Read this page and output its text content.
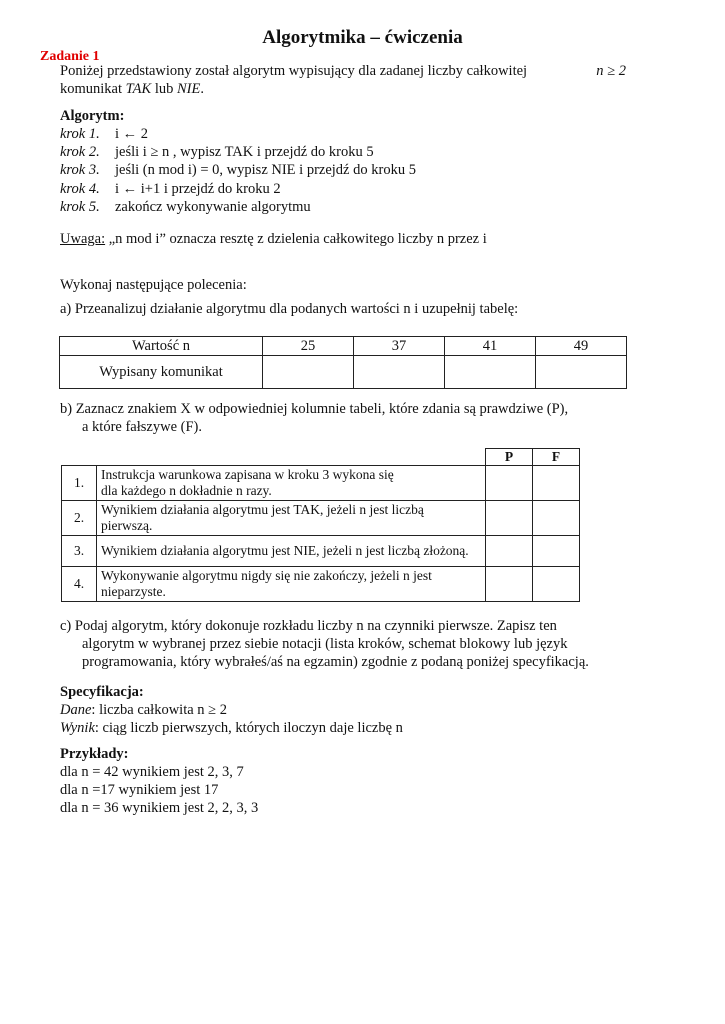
Algorytmika – ćwiczenia
Zadanie 1

Poniżej przedstawiony został algorytm wypisujący dla zadanej liczby całkowitej	n ≥ 2

komunikat TAK lub NIE.

Algorytm:
krok 1.	i ← 2
krok 2.	jeśli i ≥ n , wypisz TAK i przejdź do kroku 5
krok 3.	jeśli (n mod i) = 0, wypisz NIE i przejdź do kroku 5
krok 4.	i ← i+1 i przejdź do kroku 2
krok 5.	zakończ wykonywanie algorytmu
Uwaga: „n mod i” oznacza resztę z dzielenia całkowitego liczby n przez i

Wykonaj następujące polecenia:

a) Przeanalizuj działanie algorytmu dla podanych wartości n i uzupełnij tabelę:

Wartość n	25	37	41	49
Wypisany komunikat				

b) Zaznacz znakiem X w odpowiedniej kolumnie tabeli, które zdania są prawdziwe (P),

a które fałszywe (F).

		P	F
1.	Instrukcja warunkowa zapisana w kroku 3 wykona się
dla każdego n dokładnie n razy.		

2.	Wynikiem działania algorytmu jest TAK, jeżeli n jest liczbą
pierwszą.		

3.	Wynikiem działania algorytmu jest NIE, jeżeli n jest liczbą złożoną.		

4.	Wykonywanie algorytmu nigdy się nie zakończy, jeżeli n jest
nieparzyste.		

c) Podaj algorytm, który dokonuje rozkładu liczby n na czynniki pierwsze. Zapisz ten

algorytm w wybranej przez siebie notacji (lista kroków, schemat blokowy lub język

programowania, który wybrałeś/aś na egzamin) zgodnie z podaną poniżej specyfikacją.

Specyfikacja:
Dane: liczba całkowita n ≥ 2
Wynik: ciąg liczb pierwszych, których iloczyn daje liczbę n
Przykłady:
dla n = 42 wynikiem jest 2, 3, 7
dla n =17 wynikiem jest 17
dla n = 36 wynikiem jest 2, 2, 3, 3
